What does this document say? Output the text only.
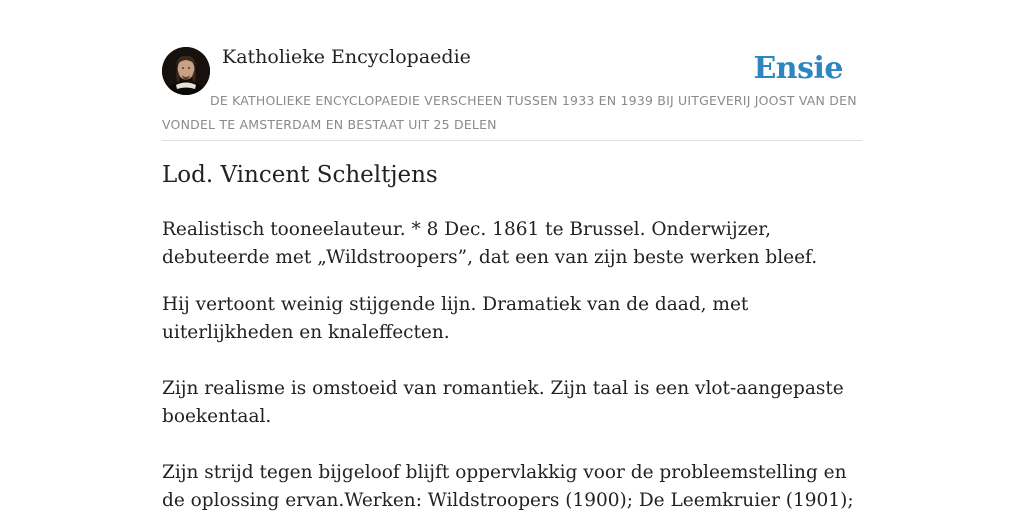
Katholieke Encyclopaedie	Ensie
DE KATHOLIEKE ENCYCLOPAEDIE VERSCHEEN TUSSEN 1933 EN 1939 BIJ UITGEVERIJ JOOST VAN DEN VONDEL TE AMSTERDAM EN BESTAAT UIT 25 DELEN
Lod. Vincent Scheltjens

Realistisch tooneelauteur. * 8 Dec. 1861 te Brussel. Onderwijzer, debuteerde met „Wildstroopers”, dat een van zijn beste werken bleef.

Hij vertoont weinig stijgende lijn. Dramatiek van de daad, met uiterlijkheden en knaleffecten.

Zijn realisme is omstoeid van romantiek. Zijn taal is een vlot-aangepaste boekentaal.

Zijn strijd tegen bijgeloof blijft oppervlakkig voor de probleemstelling en de oplossing ervan.Werken: Wildstroopers (1900); De Leemkruier (1901);
